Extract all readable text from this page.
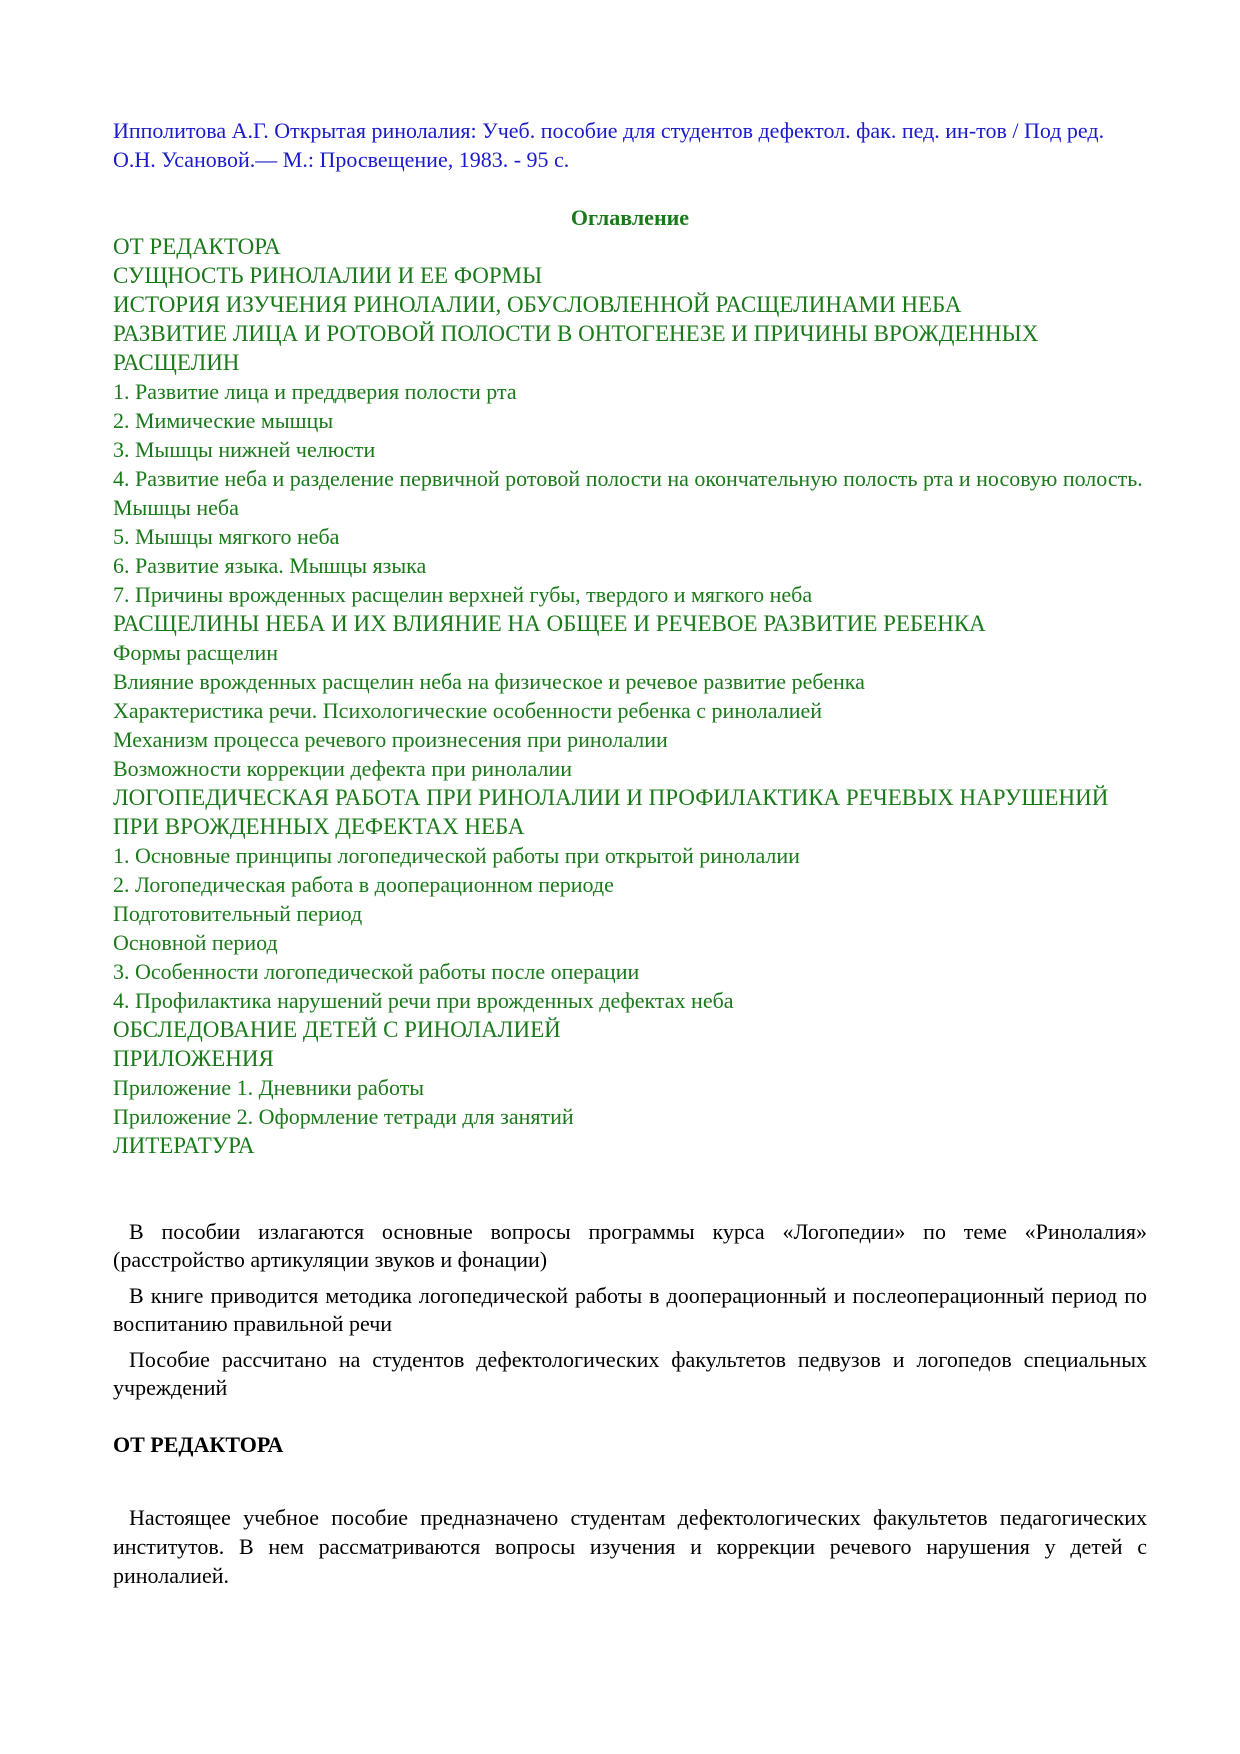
Ипполитова А.Г. Открытая ринолалия: Учеб. пособие для студентов дефектол. фак. пед. ин-тов / Под ред. О.Н. Усановой.— М.: Просвещение, 1983. - 95 с.

Оглавление
ОТ РЕДАКТОРА
СУЩНОСТЬ РИНОЛАЛИИ И ЕЕ ФОРМЫ
ИСТОРИЯ ИЗУЧЕНИЯ РИНОЛАЛИИ, ОБУСЛОВЛЕННОЙ РАСЩЕЛИНАМИ НЕБА
РАЗВИТИЕ ЛИЦА И РОТОВОЙ ПОЛОСТИ В ОНТОГЕНЕЗЕ И ПРИЧИНЫ ВРОЖДЕННЫХ РАСЩЕЛИН
1. Развитие лица и преддверия полости рта
2. Мимические мышцы
3. Мышцы нижней челюсти
4. Развитие неба и разделение первичной ротовой полости на окончательную полость рта и носовую полость. Мышцы неба
5. Мышцы мягкого неба
6. Развитие языка. Мышцы языка
7. Причины врожденных расщелин верхней губы, твердого и мягкого неба
РАСЩЕЛИНЫ НЕБА И ИХ ВЛИЯНИЕ НА ОБЩЕЕ И РЕЧЕВОЕ РАЗВИТИЕ РЕБЕНКА
Формы расщелин
Влияние врожденных расщелин неба на физическое и речевое развитие ребенка
Характеристика речи. Психологические особенности ребенка с ринолалией
Механизм процесса речевого произнесения при ринолалии
Возможности коррекции дефекта при ринолалии
ЛОГОПЕДИЧЕСКАЯ РАБОТА ПРИ РИНОЛАЛИИ И ПРОФИЛАКТИКА РЕЧЕВЫХ НАРУШЕНИЙ ПРИ ВРОЖДЕННЫХ ДЕФЕКТАХ НЕБА
1. Основные принципы логопедической работы при открытой ринолалии
2. Логопедическая работа в дооперационном периоде
Подготовительный период
Основной период
3. Особенности логопедической работы после операции
4. Профилактика нарушений речи при врожденных дефектах неба
ОБСЛЕДОВАНИЕ ДЕТЕЙ С РИНОЛАЛИЕЙ
ПРИЛОЖЕНИЯ
Приложение 1. Дневники работы
Приложение 2. Оформление тетради для занятий
ЛИТЕРАТУРА

В пособии излагаются основные вопросы программы курса «Логопедии» по теме «Ринолалия» (расстройство артикуляции звуков и фонации)

В книге приводится методика логопедической работы в дооперационный и послеоперационный период по воспитанию правильной речи

Пособие рассчитано на студентов дефектологических факультетов педвузов и логопедов специальных учреждений

ОТ РЕДАКТОРА

Настоящее учебное пособие предназначено студентам дефектологических факультетов педагогических институтов. В нем рассматриваются вопросы изучения и коррекции речевого нарушения у детей с ринолалией.
